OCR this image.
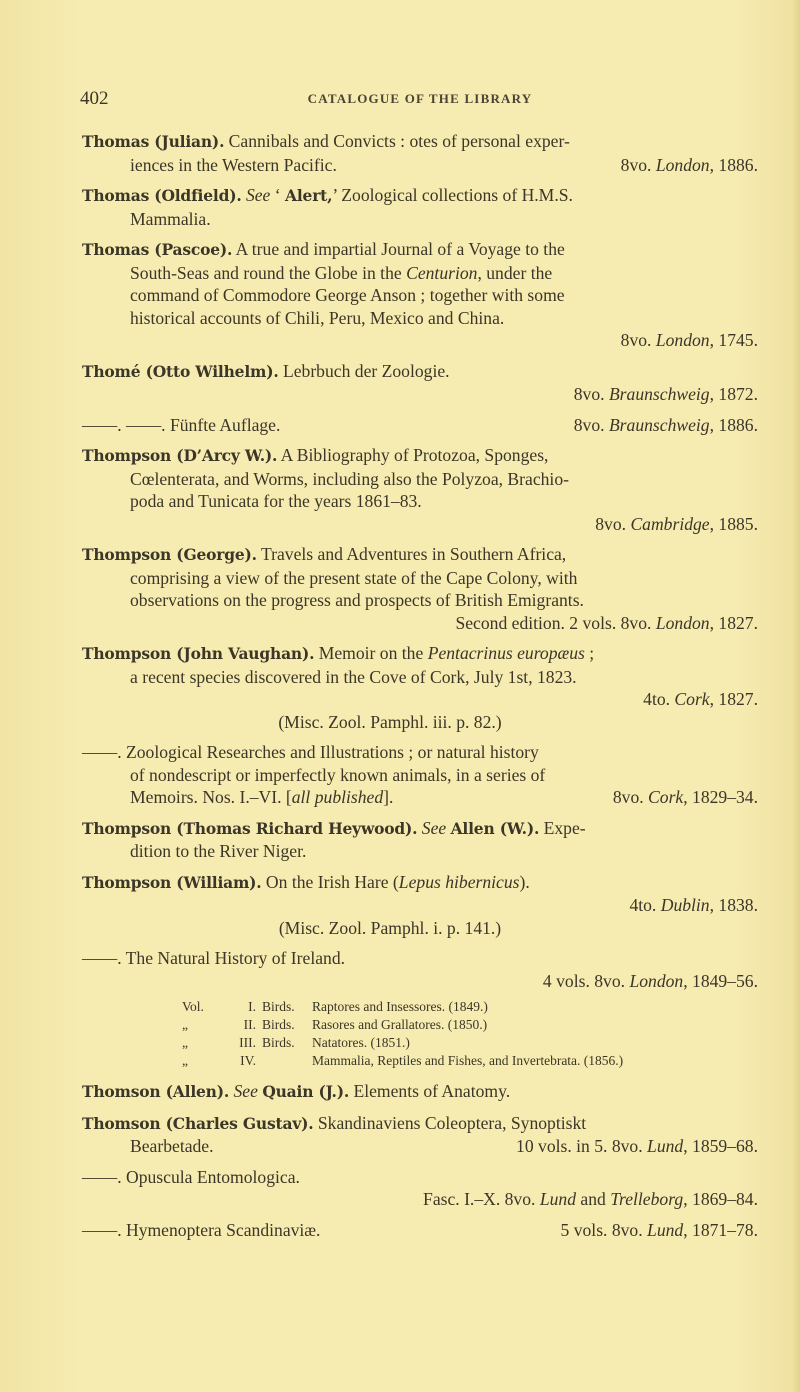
402	CATALOGUE OF THE LIBRARY
Thomas (Julian). Cannibals and Convicts : otes of personal exper-
iences in the Western Pacific.	8vo. London, 1886.
Thomas (Oldfield). See ‘ Alert,’ Zoological collections of H.M.S.
Mammalia.
Thomas (Pascoe). A true and impartial Journal of a Voyage to the
South-Seas and round the Globe in the Centurion, under the
command of Commodore George Anson ; together with some
historical accounts of Chili, Peru, Mexico and China.
8vo. London, 1745.
Thomé (Otto Wilhelm). Lebrbuch der Zoologie.
8vo. Braunschweig, 1872.
——. ——. Fünfte Auflage.	8vo. Braunschweig, 1886.
Thompson (D’Arcy W.). A Bibliography of Protozoa, Sponges,
Cœlenterata, and Worms, including also the Polyzoa, Brachio-
poda and Tunicata for the years 1861–83.
8vo. Cambridge, 1885.
Thompson (George). Travels and Adventures in Southern Africa,
comprising a view of the present state of the Cape Colony, with
observations on the progress and prospects of British Emigrants.
Second edition. 2 vols. 8vo. London, 1827.
Thompson (John Vaughan). Memoir on the Pentacrinus europæus ;
a recent species discovered in the Cove of Cork, July 1st, 1823.
4to. Cork, 1827.
(Misc. Zool. Pamphl. iii. p. 82.)
——. Zoological Researches and Illustrations ; or natural history
of nondescript or imperfectly known animals, in a series of
Memoirs. Nos. I.–VI. [all published].	8vo. Cork, 1829–34.
Thompson (Thomas Richard Heywood). See Allen (W.). Expe-
dition to the River Niger.
Thompson (William). On the Irish Hare (Lepus hibernicus).
4to. Dublin, 1838.
(Misc. Zool. Pamphl. i. p. 141.)
——. The Natural History of Ireland.
4 vols. 8vo. London, 1849–56.
Vol.	I. Birds. Raptores and Insessores. (1849.)
„	II. Birds. Rasores and Grallatores. (1850.)
„	III. Birds. Natatores. (1851.)
„	IV.	Mammalia, Reptiles and Fishes, and Invertebrata. (1856.)
Thomson (Allen). See Quain (J.). Elements of Anatomy.
Thomson (Charles Gustav). Skandinaviens Coleoptera, Synoptiskt
Bearbetade.	10 vols. in 5. 8vo. Lund, 1859–68.
——. Opuscula Entomologica.
Fasc. I.–X. 8vo. Lund and Trelleborg, 1869–84.
——. Hymenoptera Scandinaviæ.	5 vols. 8vo. Lund, 1871–78.
